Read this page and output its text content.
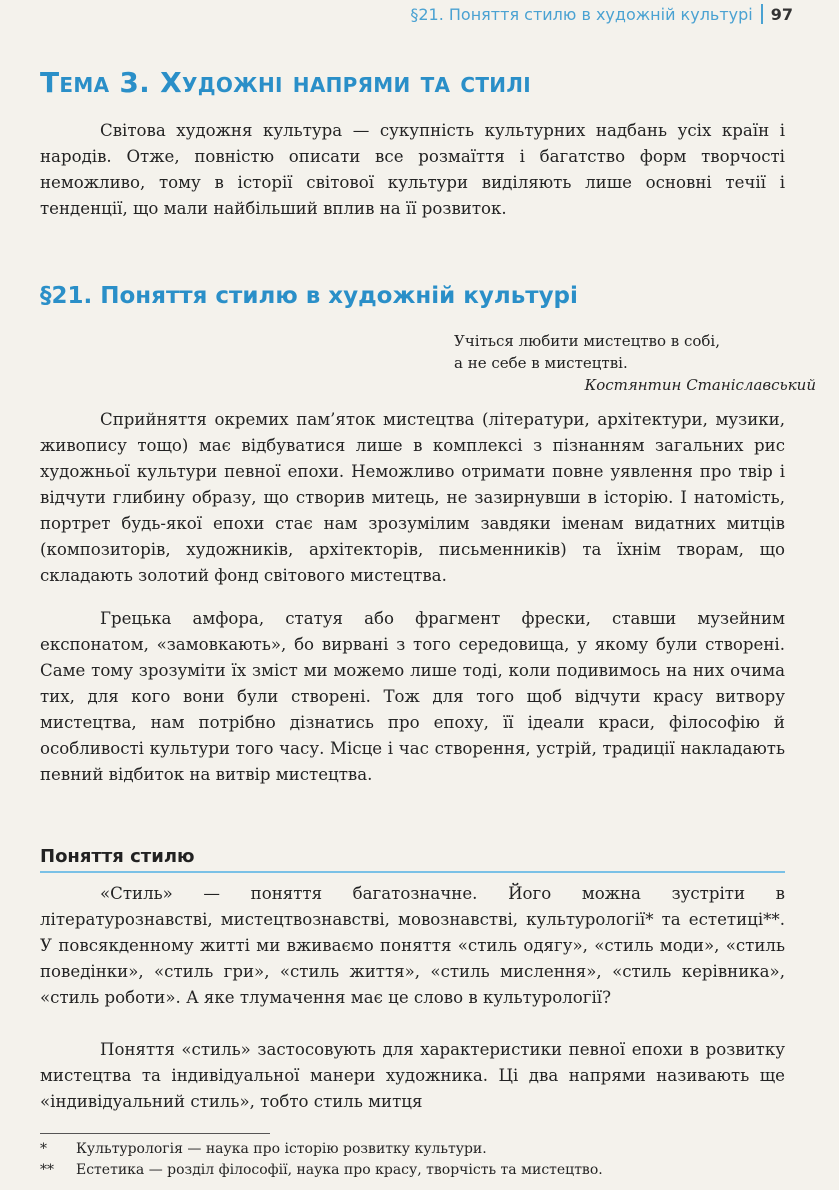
§21. Поняття стилю в художній культурі 97
Тема 3. Художні напрями та стилі
Світова художня культура — сукупність культурних надбань усіх країн і народів. Отже, повністю описати все розмаїття і багатство форм творчості неможливо, тому в історії світової культури виділяють лише основні течії і тенденції, що мали найбільший вплив на її розвиток.
§21. Поняття стилю в художній культурі
Учіться любити мистецтво в собі,
а не себе в мистецтві.
Костянтин Станіславський
Сприйняття окремих пам’яток мистецтва (літератури, архітектури, музики, живопису тощо) має відбуватися лише в комплексі з пізнанням загальних рис художньої культури певної епохи. Неможливо отримати повне уявлення про твір і відчути глибину образу, що створив митець, не зазирнувши в історію. І натомість, портрет будь-якої епохи стає нам зрозумілим завдяки іменам видатних митців (композиторів, художників, архітекторів, письменників) та їхнім творам, що складають золотий фонд світового мистецтва.
Грецька амфора, статуя або фрагмент фрески, ставши музейним експонатом, «замовкають», бо вирвані з того середовища, у якому були створені. Саме тому зрозуміти їх зміст ми можемо лише тоді, коли подивимось на них очима тих, для кого вони були створені. Тож для того щоб відчути красу витвору мистецтва, нам потрібно дізнатись про епоху, її ідеали краси, філософію й особливості культури того часу. Місце і час створення, устрій, традиції накладають певний відбиток на витвір мистецтва.
Поняття стилю
«Стиль» — поняття багатозначне. Його можна зустріти в літературознавстві, мистецтвознавстві, мовознавстві, культурології* та естетиці**. У повсякденному житті ми вживаємо поняття «стиль одягу», «стиль моди», «стиль поведінки», «стиль гри», «стиль життя», «стиль мислення», «стиль керівника», «стиль роботи». А яке тлумачення має це слово в культурології?
Поняття «стиль» застосовують для характеристики певної епохи в розвитку мистецтва та індивідуальної манери художника. Ці два напрями називають ще «індивідуальний стиль», тобто стиль митця
*	Культурологія — наука про історію розвитку культури.
**	Естетика — розділ філософії, наука про красу, творчість та мистецтво.
